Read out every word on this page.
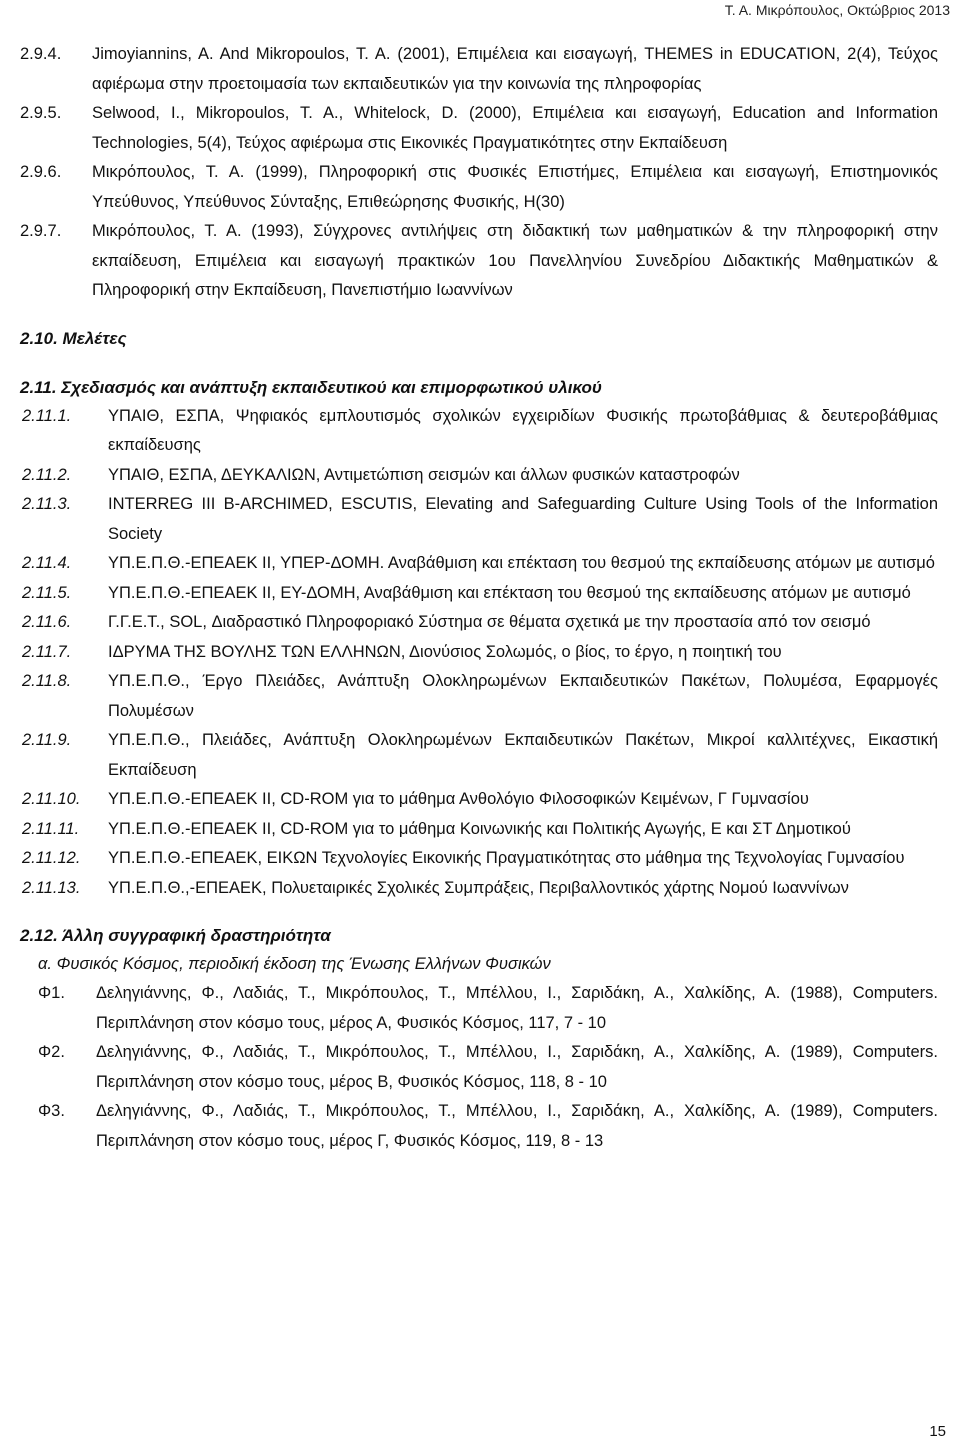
Τ. Α. Μικρόπουλος, Οκτώβριος 2013
2.9.4.	Jimoyiannins, A. And Mikropoulos, T. A. (2001), Επιμέλεια και εισαγωγή, THEMES in EDUCATION, 2(4), Τεύχος αφιέρωμα στην προετοιμασία των εκπαιδευτικών για την κοινωνία της πληροφορίας
2.9.5.	Selwood, I., Mikropoulos, T. A., Whitelock, D. (2000), Επιμέλεια και εισαγωγή, Education and Information Technologies, 5(4), Τεύχος αφιέρωμα στις Εικονικές Πραγματικότητες στην Εκπαίδευση
2.9.6.	Μικρόπουλος, Τ. Α. (1999), Πληροφορική στις Φυσικές Επιστήμες, Επιμέλεια και εισαγωγή, Επιστημονικός Υπεύθυνος, Υπεύθυνος Σύνταξης, Επιθεώρησης Φυσικής, Η(30)
2.9.7.	Μικρόπουλος, Τ. Α. (1993), Σύγχρονες αντιλήψεις στη διδακτική των μαθηματικών & την πληροφορική στην εκπαίδευση, Επιμέλεια και εισαγωγή πρακτικών 1ου Πανελληνίου Συνεδρίου Διδακτικής Μαθηματικών & Πληροφορική στην Εκπαίδευση, Πανεπιστήμιο Ιωαννίνων
2.10. Μελέτες
2.11. Σχεδιασμός και ανάπτυξη εκπαιδευτικού και επιμορφωτικού υλικού
2.11.1.	ΥΠΑΙΘ, ΕΣΠΑ, Ψηφιακός εμπλουτισμός σχολικών εγχειριδίων Φυσικής πρωτοβάθμιας & δευτεροβάθμιας εκπαίδευσης
2.11.2.	ΥΠΑΙΘ, ΕΣΠΑ, ΔΕΥΚΑΛΙΩΝ, Αντιμετώπιση σεισμών και άλλων φυσικών καταστροφών
2.11.3.	INTERREG III B-ARCHIMED, ESCUTIS, Elevating and Safeguarding Culture Using Tools of the Information Society
2.11.4.	ΥΠ.Ε.Π.Θ.-ΕΠΕΑΕΚ ΙΙ, ΥΠΕΡ-ΔΟΜΗ. Αναβάθμιση και επέκταση του θεσμού της εκπαίδευσης ατόμων με αυτισμό
2.11.5.	ΥΠ.Ε.Π.Θ.-ΕΠΕΑΕΚ ΙΙ, ΕΥ-ΔΟΜΗ, Αναβάθμιση και επέκταση του θεσμού της εκπαίδευσης ατόμων με αυτισμό
2.11.6.	Γ.Γ.Ε.Τ., SOL, Διαδραστικό Πληροφοριακό Σύστημα σε θέματα σχετικά με την προστασία από τον σεισμό
2.11.7.	ΙΔΡΥΜΑ ΤΗΣ ΒΟΥΛΗΣ ΤΩΝ ΕΛΛΗΝΩΝ, Διονύσιος Σολωμός, ο βίος, το έργο, η ποιητική του
2.11.8.	ΥΠ.Ε.Π.Θ., Έργο Πλειάδες, Ανάπτυξη Ολοκληρωμένων Εκπαιδευτικών Πακέτων, Πολυμέσα, Εφαρμογές Πολυμέσων
2.11.9.	ΥΠ.Ε.Π.Θ., Πλειάδες, Ανάπτυξη Ολοκληρωμένων Εκπαιδευτικών Πακέτων, Μικροί καλλιτέχνες, Εικαστική Εκπαίδευση
2.11.10.	ΥΠ.Ε.Π.Θ.-ΕΠΕΑΕΚ ΙΙ, CD-ROM για το μάθημα Ανθολόγιο Φιλοσοφικών Κειμένων, Γ Γυμνασίου
2.11.11.	ΥΠ.Ε.Π.Θ.-ΕΠΕΑΕΚ ΙΙ, CD-ROM για το μάθημα Κοινωνικής και Πολιτικής Αγωγής, Ε και ΣΤ Δημοτικού
2.11.12.	ΥΠ.Ε.Π.Θ.-ΕΠΕΑΕΚ, ΕΙΚΩΝ Τεχνολογίες Εικονικής Πραγματικότητας στο μάθημα της Τεχνολογίας Γυμνασίου
2.11.13.	ΥΠ.Ε.Π.Θ.,-ΕΠΕΑΕΚ, Πολυεταιρικές Σχολικές Συμπράξεις, Περιβαλλοντικός χάρτης Νομού Ιωαννίνων
2.12. Άλλη συγγραφική δραστηριότητα
α. Φυσικός Κόσμος, περιοδική έκδοση της Ένωσης Ελλήνων Φυσικών
Φ1.	Δεληγιάννης, Φ., Λαδιάς, Τ., Μικρόπουλος, Τ., Μπέλλου, Ι., Σαριδάκη, Α., Χαλκίδης, Α. (1988), Computers. Περιπλάνηση στον κόσμο τους, μέρος Α, Φυσικός Κόσμος, 117, 7 - 10
Φ2.	Δεληγιάννης, Φ., Λαδιάς, Τ., Μικρόπουλος, Τ., Μπέλλου, Ι., Σαριδάκη, Α., Χαλκίδης, Α. (1989), Computers. Περιπλάνηση στον κόσμο τους, μέρος Β, Φυσικός Κόσμος, 118, 8 - 10
Φ3.	Δεληγιάννης, Φ., Λαδιάς, Τ., Μικρόπουλος, Τ., Μπέλλου, Ι., Σαριδάκη, Α., Χαλκίδης, Α. (1989), Computers. Περιπλάνηση στον κόσμο τους, μέρος Γ, Φυσικός Κόσμος, 119, 8 - 13
15
